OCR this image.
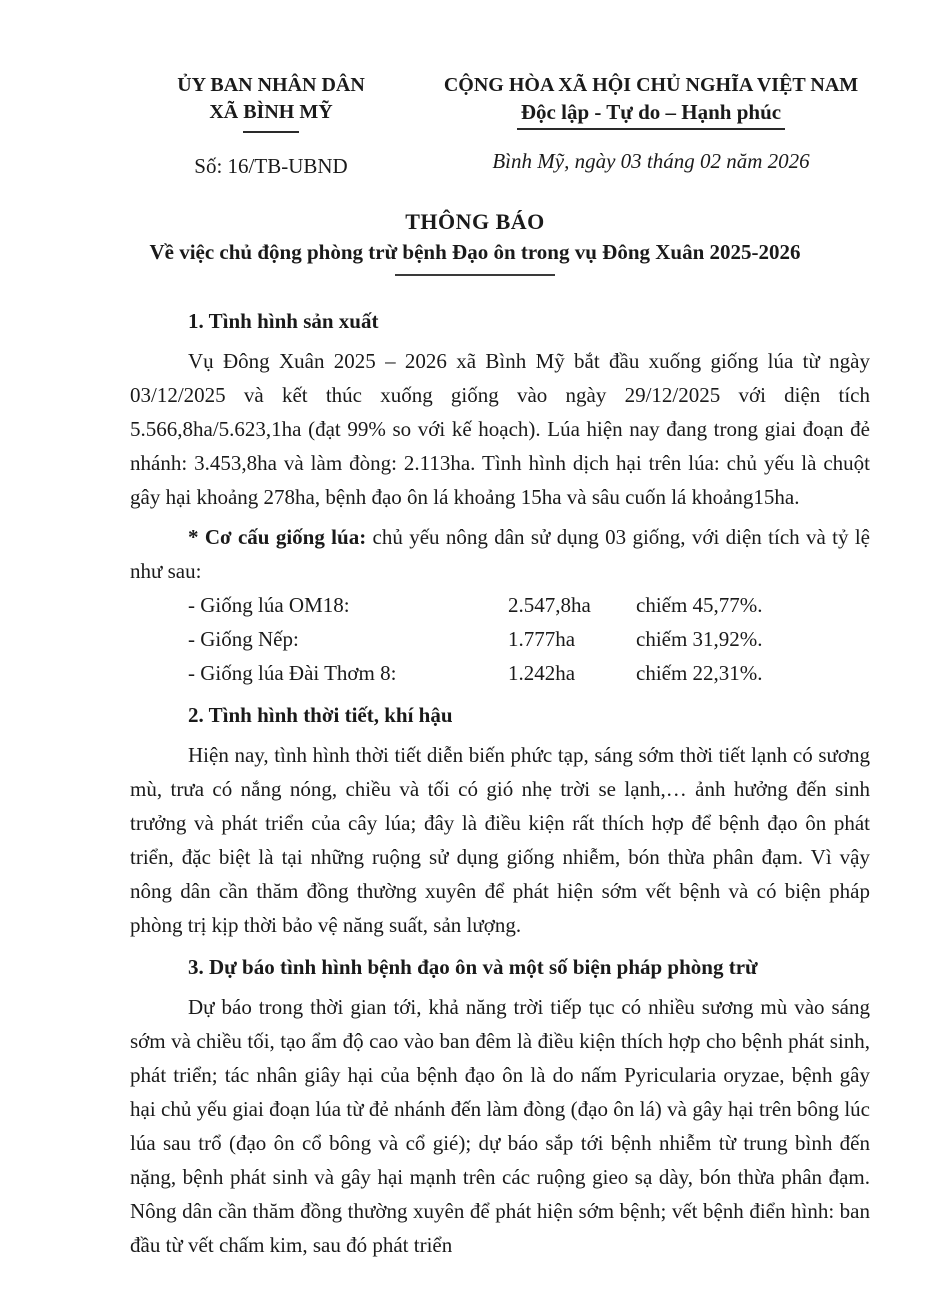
ỦY BAN NHÂN DÂN
XÃ BÌNH MỸ
Số: 16/TB-UBND
CỘNG HÒA XÃ HỘI CHỦ NGHĨA VIỆT NAM
Độc lập - Tự do – Hạnh phúc
Bình Mỹ, ngày 03 tháng 02 năm 2026
THÔNG BÁO
Về việc chủ động phòng trừ bệnh Đạo ôn trong vụ Đông Xuân 2025-2026
1. Tình hình sản xuất

Vụ Đông Xuân 2025 – 2026 xã Bình Mỹ bắt đầu xuống giống lúa từ ngày 03/12/2025 và kết thúc xuống giống vào ngày 29/12/2025 với diện tích 5.566,8ha/5.623,1ha (đạt 99% so với kế hoạch). Lúa hiện nay đang trong giai đoạn đẻ nhánh: 3.453,8ha và làm đòng: 2.113ha. Tình hình dịch hại trên lúa: chủ yếu là chuột gây hại khoảng 278ha, bệnh đạo ôn lá khoảng 15ha và sâu cuốn lá khoảng15ha.

* Cơ cấu giống lúa: chủ yếu nông dân sử dụng 03 giống, với diện tích và tỷ lệ như sau:

- Giống lúa OM18:	2.547,8ha	chiếm 45,77%.
- Giống Nếp:	1.777ha	chiếm 31,92%.
- Giống lúa Đài Thơm 8:	1.242ha	chiếm 22,31%.
2. Tình hình thời tiết, khí hậu

Hiện nay, tình hình thời tiết diễn biến phức tạp, sáng sớm thời tiết lạnh có sương mù, trưa có nắng nóng, chiều và tối có gió nhẹ trời se lạnh,… ảnh hưởng đến sinh trưởng và phát triển của cây lúa; đây là điều kiện rất thích hợp để bệnh đạo ôn phát triển, đặc biệt là tại những ruộng sử dụng giống nhiễm, bón thừa phân đạm. Vì vậy nông dân cần thăm đồng thường xuyên để phát hiện sớm vết bệnh và có biện pháp phòng trị kịp thời bảo vệ năng suất, sản lượng.

3. Dự báo tình hình bệnh đạo ôn và một số biện pháp phòng trừ

Dự báo trong thời gian tới, khả năng trời tiếp tục có nhiều sương mù vào sáng sớm và chiều tối, tạo ẩm độ cao vào ban đêm là điều kiện thích hợp cho bệnh phát sinh, phát triển; tác nhân giây hại của bệnh đạo ôn là do nấm Pyricularia oryzae, bệnh gây hại chủ yếu giai đoạn lúa từ đẻ nhánh đến làm đòng (đạo ôn lá) và gây hại trên bông lúc lúa sau trổ (đạo ôn cổ bông và cổ gié); dự báo sắp tới bệnh nhiễm từ trung bình đến nặng, bệnh phát sinh và gây hại mạnh trên các ruộng gieo sạ dày, bón thừa phân đạm. Nông dân cần thăm đồng thường xuyên để phát hiện sớm bệnh; vết bệnh điển hình: ban đầu từ vết chấm kim, sau đó phát triển
